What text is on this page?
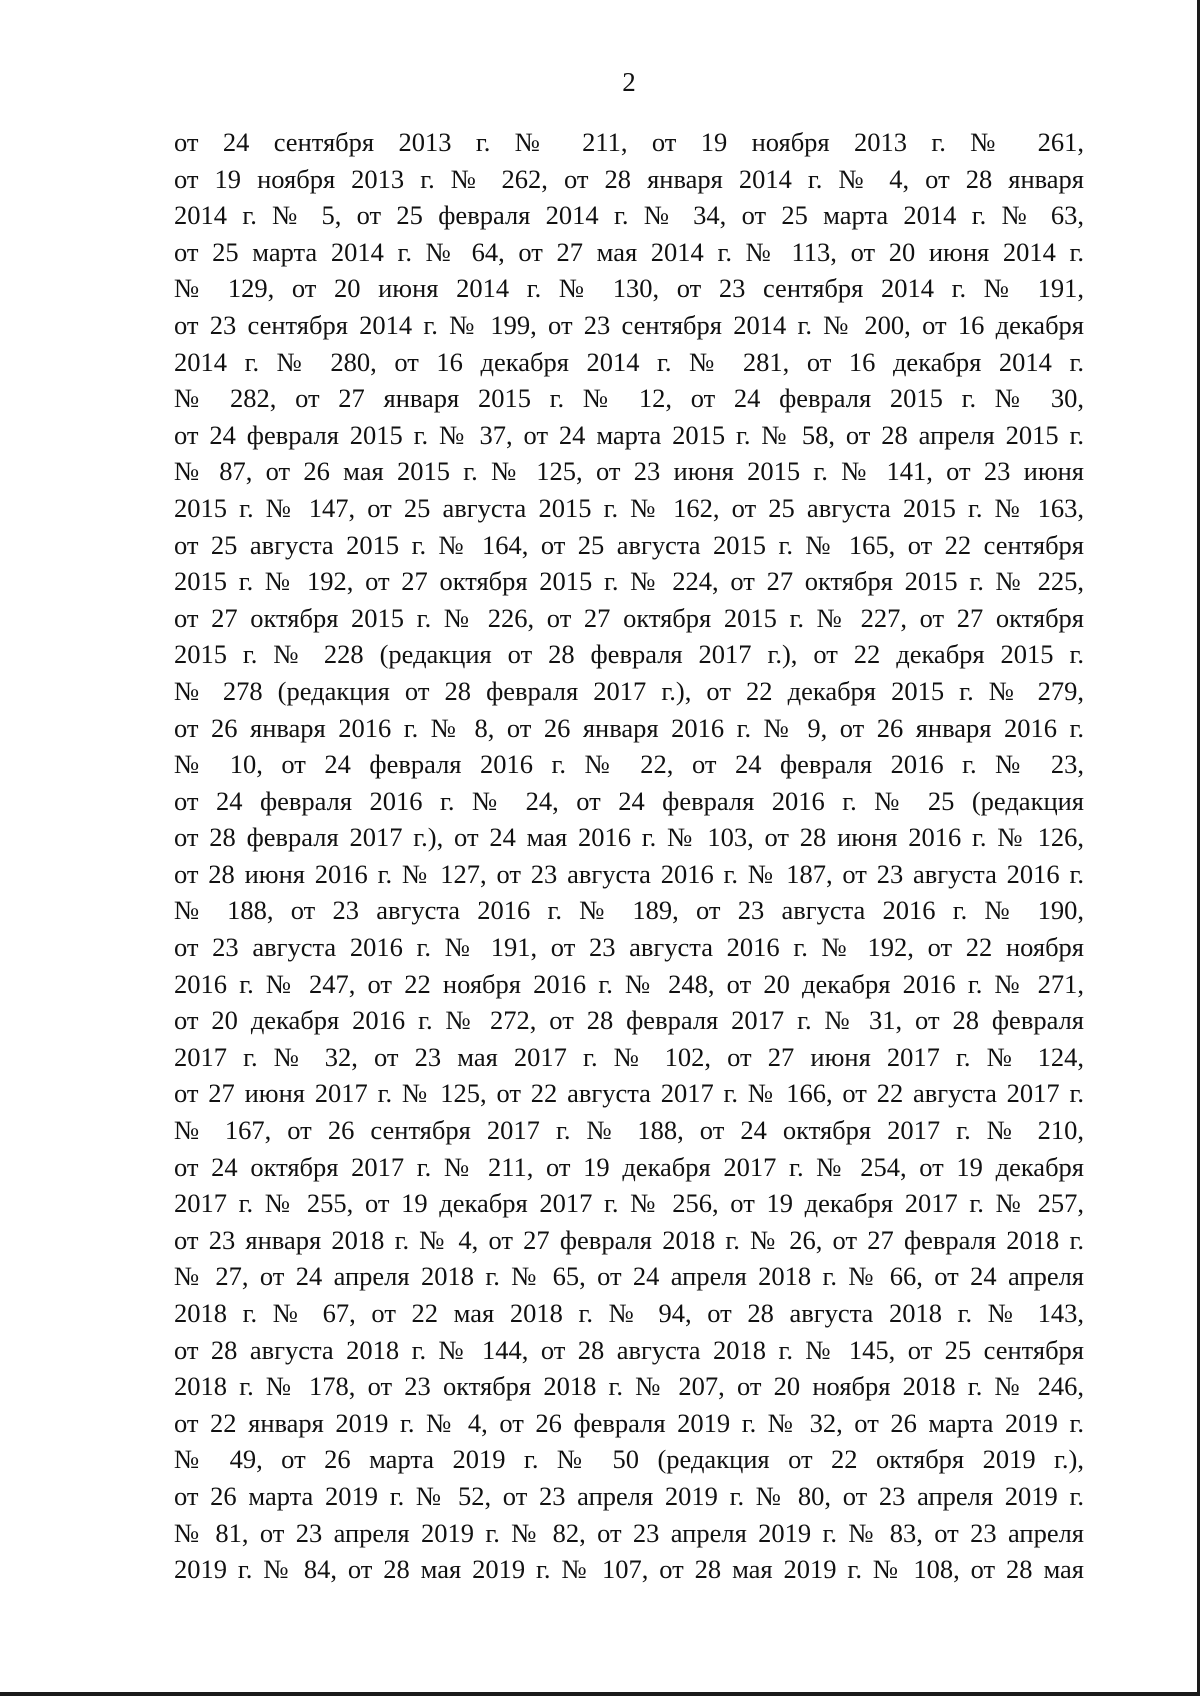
2
от 24 сентября 2013 г. № 211, от 19 ноября 2013 г. № 261,
от 19 ноября 2013 г. № 262, от 28 января 2014 г. № 4, от 28 января
2014 г. № 5, от 25 февраля 2014 г. № 34, от 25 марта 2014 г. № 63,
от 25 марта 2014 г. № 64, от 27 мая 2014 г. № 113, от 20 июня 2014 г.
№ 129, от 20 июня 2014 г. № 130, от 23 сентября 2014 г. № 191,
от 23 сентября 2014 г. № 199, от 23 сентября 2014 г. № 200, от 16 декабря
2014 г. № 280, от 16 декабря 2014 г. № 281, от 16 декабря 2014 г.
№ 282, от 27 января 2015 г. № 12, от 24 февраля 2015 г. № 30,
от 24 февраля 2015 г. № 37, от 24 марта 2015 г. № 58, от 28 апреля 2015 г.
№ 87, от 26 мая 2015 г. № 125, от 23 июня 2015 г. № 141, от 23 июня
2015 г. № 147, от 25 августа 2015 г. № 162, от 25 августа 2015 г. № 163,
от 25 августа 2015 г. № 164, от 25 августа 2015 г. № 165, от 22 сентября
2015 г. № 192, от 27 октября 2015 г. № 224, от 27 октября 2015 г. № 225,
от 27 октября 2015 г. № 226, от 27 октября 2015 г. № 227, от 27 октября
2015 г. № 228 (редакция от 28 февраля 2017 г.), от 22 декабря 2015 г.
№ 278 (редакция от 28 февраля 2017 г.), от 22 декабря 2015 г. № 279,
от 26 января 2016 г. № 8, от 26 января 2016 г. № 9, от 26 января 2016 г.
№ 10, от 24 февраля 2016 г. № 22, от 24 февраля 2016 г. № 23,
от 24 февраля 2016 г. № 24, от 24 февраля 2016 г. № 25 (редакция
от 28 февраля 2017 г.), от 24 мая 2016 г. № 103, от 28 июня 2016 г. № 126,
от 28 июня 2016 г. № 127, от 23 августа 2016 г. № 187, от 23 августа 2016 г.
№ 188, от 23 августа 2016 г. № 189, от 23 августа 2016 г. № 190,
от 23 августа 2016 г. № 191, от 23 августа 2016 г. № 192, от 22 ноября
2016 г. № 247, от 22 ноября 2016 г. № 248, от 20 декабря 2016 г. № 271,
от 20 декабря 2016 г. № 272, от 28 февраля 2017 г. № 31, от 28 февраля
2017 г. № 32, от 23 мая 2017 г. № 102, от 27 июня 2017 г. № 124,
от 27 июня 2017 г. № 125, от 22 августа 2017 г. № 166, от 22 августа 2017 г.
№ 167, от 26 сентября 2017 г. № 188, от 24 октября 2017 г. № 210,
от 24 октября 2017 г. № 211, от 19 декабря 2017 г. № 254, от 19 декабря
2017 г. № 255, от 19 декабря 2017 г. № 256, от 19 декабря 2017 г. № 257,
от 23 января 2018 г. № 4, от 27 февраля 2018 г. № 26, от 27 февраля 2018 г.
№ 27, от 24 апреля 2018 г. № 65, от 24 апреля 2018 г. № 66, от 24 апреля
2018 г. № 67, от 22 мая 2018 г. № 94, от 28 августа 2018 г. № 143,
от 28 августа 2018 г. № 144, от 28 августа 2018 г. № 145, от 25 сентября
2018 г. № 178, от 23 октября 2018 г. № 207, от 20 ноября 2018 г. № 246,
от 22 января 2019 г. № 4, от 26 февраля 2019 г. № 32, от 26 марта 2019 г.
№ 49, от 26 марта 2019 г. № 50 (редакция от 22 октября 2019 г.),
от 26 марта 2019 г. № 52, от 23 апреля 2019 г. № 80, от 23 апреля 2019 г.
№ 81, от 23 апреля 2019 г. № 82, от 23 апреля 2019 г. № 83, от 23 апреля
2019 г. № 84, от 28 мая 2019 г. № 107, от 28 мая 2019 г. № 108, от 28 мая
